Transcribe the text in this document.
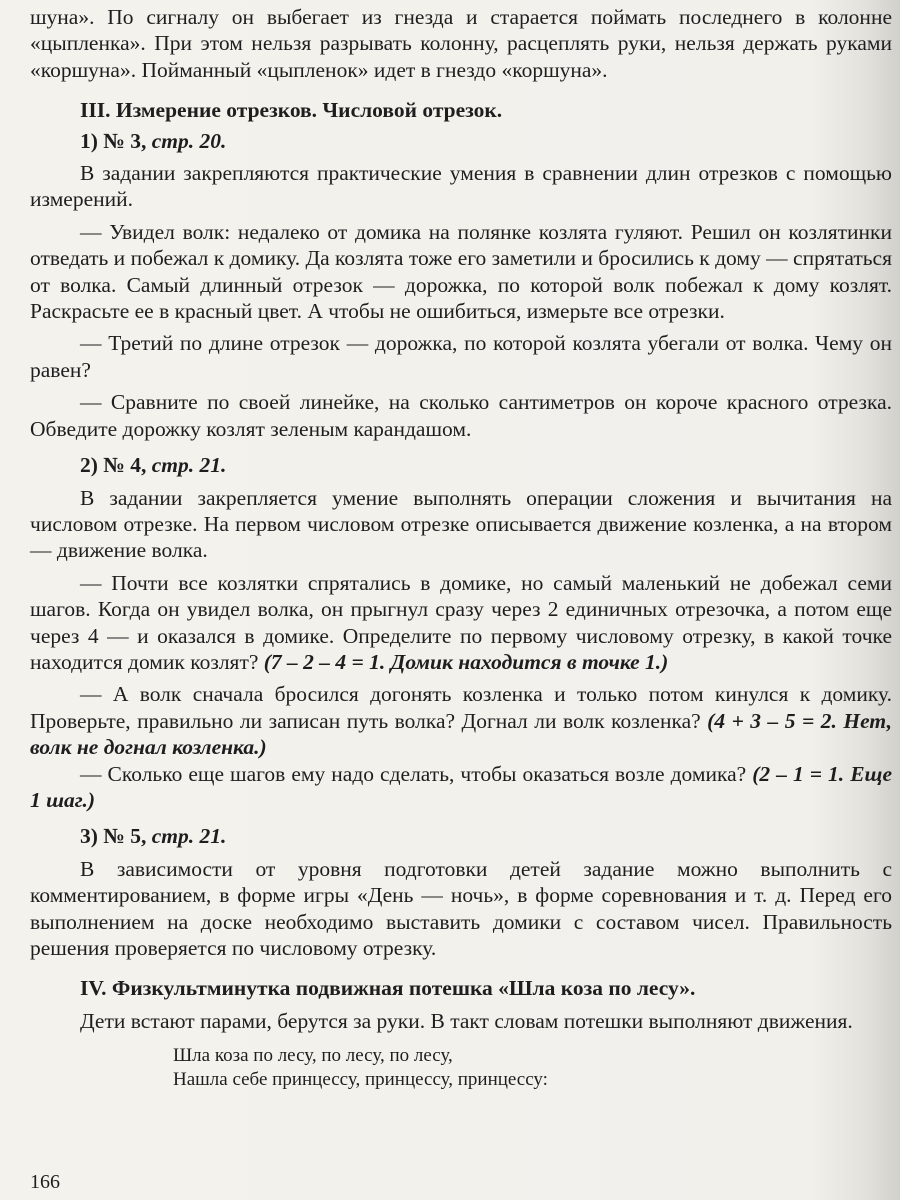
шуна». По сигналу он выбегает из гнезда и старается поймать последнего в колонне «цыпленка». При этом нельзя разрывать колонну, расцеплять руки, нельзя держать руками «коршуна». Пойманный «цыпленок» идет в гнездо «коршуна».

III. Измерение отрезков. Числовой отрезок.

1) № 3, стр. 20.

В задании закрепляются практические умения в сравнении длин отрезков с помощью измерений.

— Увидел волк: недалеко от домика на полянке козлята гуляют. Решил он козлятинки отведать и побежал к домику. Да козлята тоже его заметили и бросились к дому — спрятаться от волка. Самый длинный отрезок — дорожка, по которой волк побежал к дому козлят. Раскрасьте ее в красный цвет. А чтобы не ошибиться, измерьте все отрезки.

— Третий по длине отрезок — дорожка, по которой козлята убегали от волка. Чему он равен?

— Сравните по своей линейке, на сколько сантиметров он короче красного отрезка. Обведите дорожку козлят зеленым карандашом.

2) № 4, стр. 21.

В задании закрепляется умение выполнять операции сложения и вычитания на числовом отрезке. На первом числовом отрезке описывается движение козленка, а на втором — движение волка.

— Почти все козлятки спрятались в домике, но самый маленький не добежал семи шагов. Когда он увидел волка, он прыгнул сразу через 2 единичных отрезочка, а потом еще через 4 — и оказался в домике. Определите по первому числовому отрезку, в какой точке находится домик козлят? (7 – 2 – 4 = 1. Домик находится в точке 1.)

— А волк сначала бросился догонять козленка и только потом кинулся к домику. Проверьте, правильно ли записан путь волка? Догнал ли волк козленка? (4 + 3 – 5 = 2. Нет, волк не догнал козленка.)

— Сколько еще шагов ему надо сделать, чтобы оказаться возле домика? (2 – 1 = 1. Еще 1 шаг.)

3) № 5, стр. 21.

В зависимости от уровня подготовки детей задание можно выполнить с комментированием, в форме игры «День — ночь», в форме соревнования и т. д. Перед его выполнением на доске необходимо выставить домики с составом чисел. Правильность решения проверяется по числовому отрезку.

IV. Физкультминутка подвижная потешка «Шла коза по лесу».

Дети встают парами, берутся за руки. В такт словам потешки выполняют движения.

Шла коза по лесу, по лесу, по лесу,

Нашла себе принцессу, принцессу, принцессу:

166
